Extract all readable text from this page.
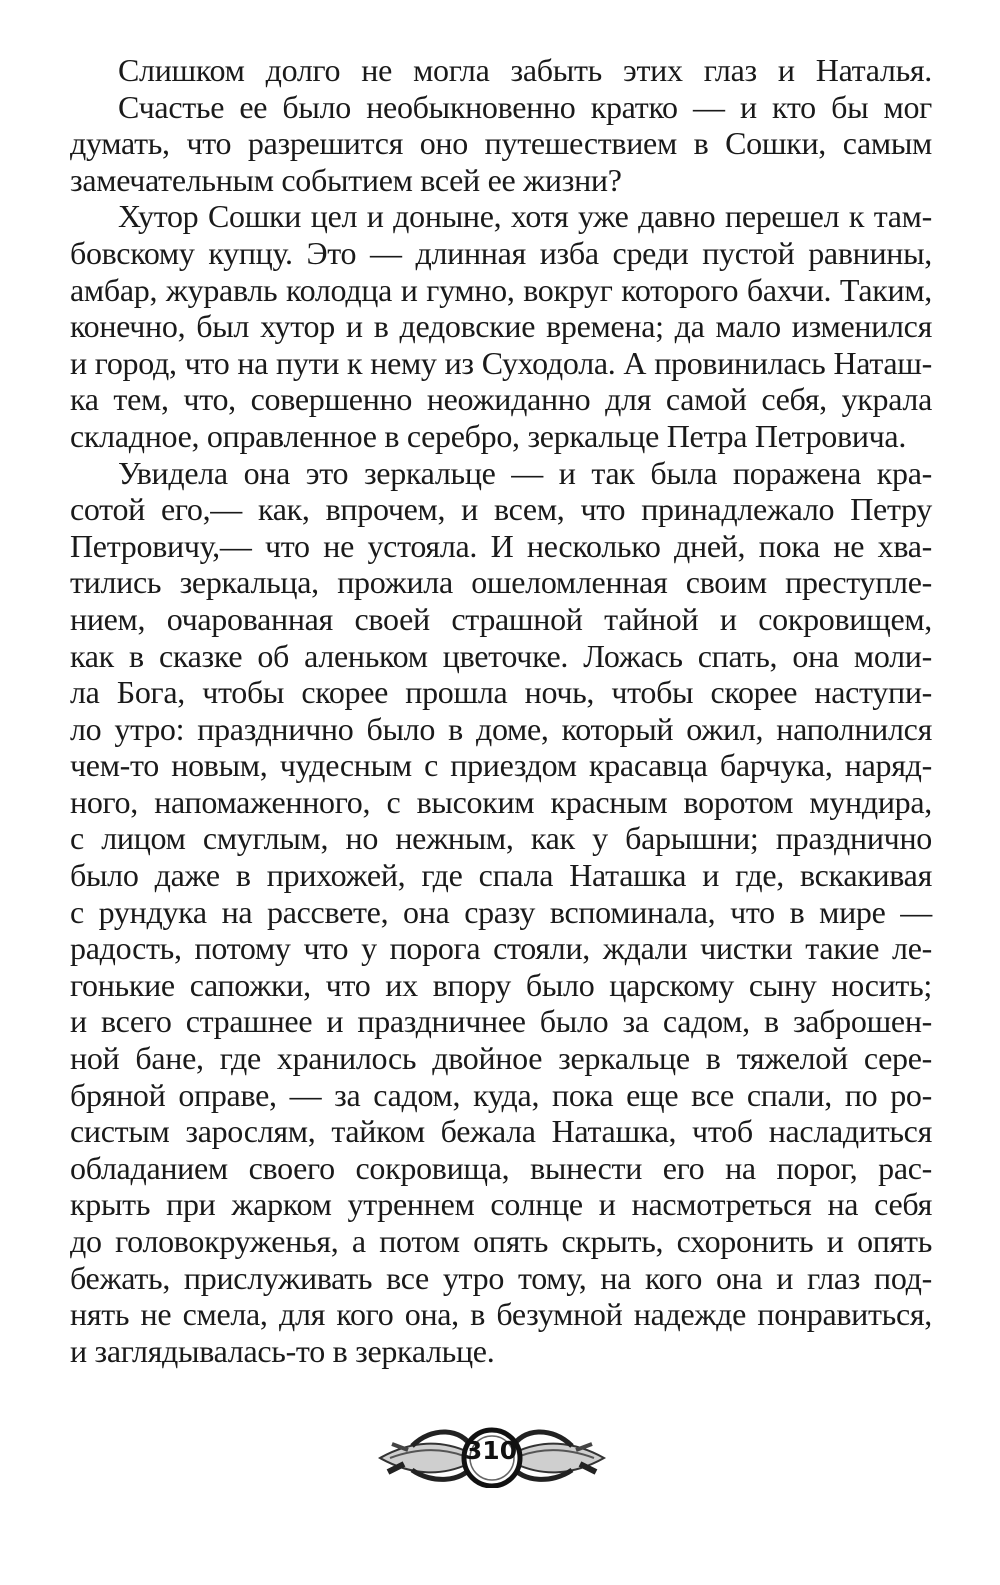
Слишком долго не могла забыть этих глаз и Наталья.
Счастье ее было необыкновенно кратко — и кто бы мог
думать, что разрешится оно путешествием в Сошки, самым
замечательным событием всей ее жизни?
Хутор Сошки цел и доныне, хотя уже давно перешел к там-
бовскому купцу. Это — длинная изба среди пустой равнины,
амбар, журавль колодца и гумно, вокруг которого бахчи. Таким,
конечно, был хутор и в дедовские времена; да мало изменился
и город, что на пути к нему из Суходола. А провинилась Наташ-
ка тем, что, совершенно неожиданно для самой себя, украла
складное, оправленное в серебро, зеркальце Петра Петровича.
Увидела она это зеркальце — и так была поражена кра-
сотой его,— как, впрочем, и всем, что принадлежало Петру
Петровичу,— что не устояла. И несколько дней, пока не хва-
тились зеркальца, прожила ошеломленная своим преступле-
нием, очарованная своей страшной тайной и сокровищем,
как в сказке об аленьком цветочке. Ложась спать, она моли-
ла Бога, чтобы скорее прошла ночь, чтобы скорее наступи-
ло утро: празднично было в доме, который ожил, наполнился
чем-то новым, чудесным с приездом красавца барчука, наряд-
ного, напомаженного, с высоким красным воротом мундира,
с лицом смуглым, но нежным, как у барышни; празднично
было даже в прихожей, где спала Наташка и где, вскакивая
с рундука на рассвете, она сразу вспоминала, что в мире —
радость, потому что у порога стояли, ждали чистки такие ле-
гонькие сапожки, что их впору было царскому сыну носить;
и всего страшнее и праздничнее было за садом, в заброшен-
ной бане, где хранилось двойное зеркальце в тяжелой сере-
бряной оправе, — за садом, куда, пока еще все спали, по ро-
систым зарослям, тайком бежала Наташка, чтоб насладиться
обладанием своего сокровища, вынести его на порог, рас-
крыть при жарком утреннем солнце и насмотреться на себя
до головокруженья, а потом опять скрыть, схоронить и опять
бежать, прислуживать все утро тому, на кого она и глаз под-
нять не смела, для кого она, в безумной надежде понравиться,
и заглядывалась-то в зеркальце.
310
